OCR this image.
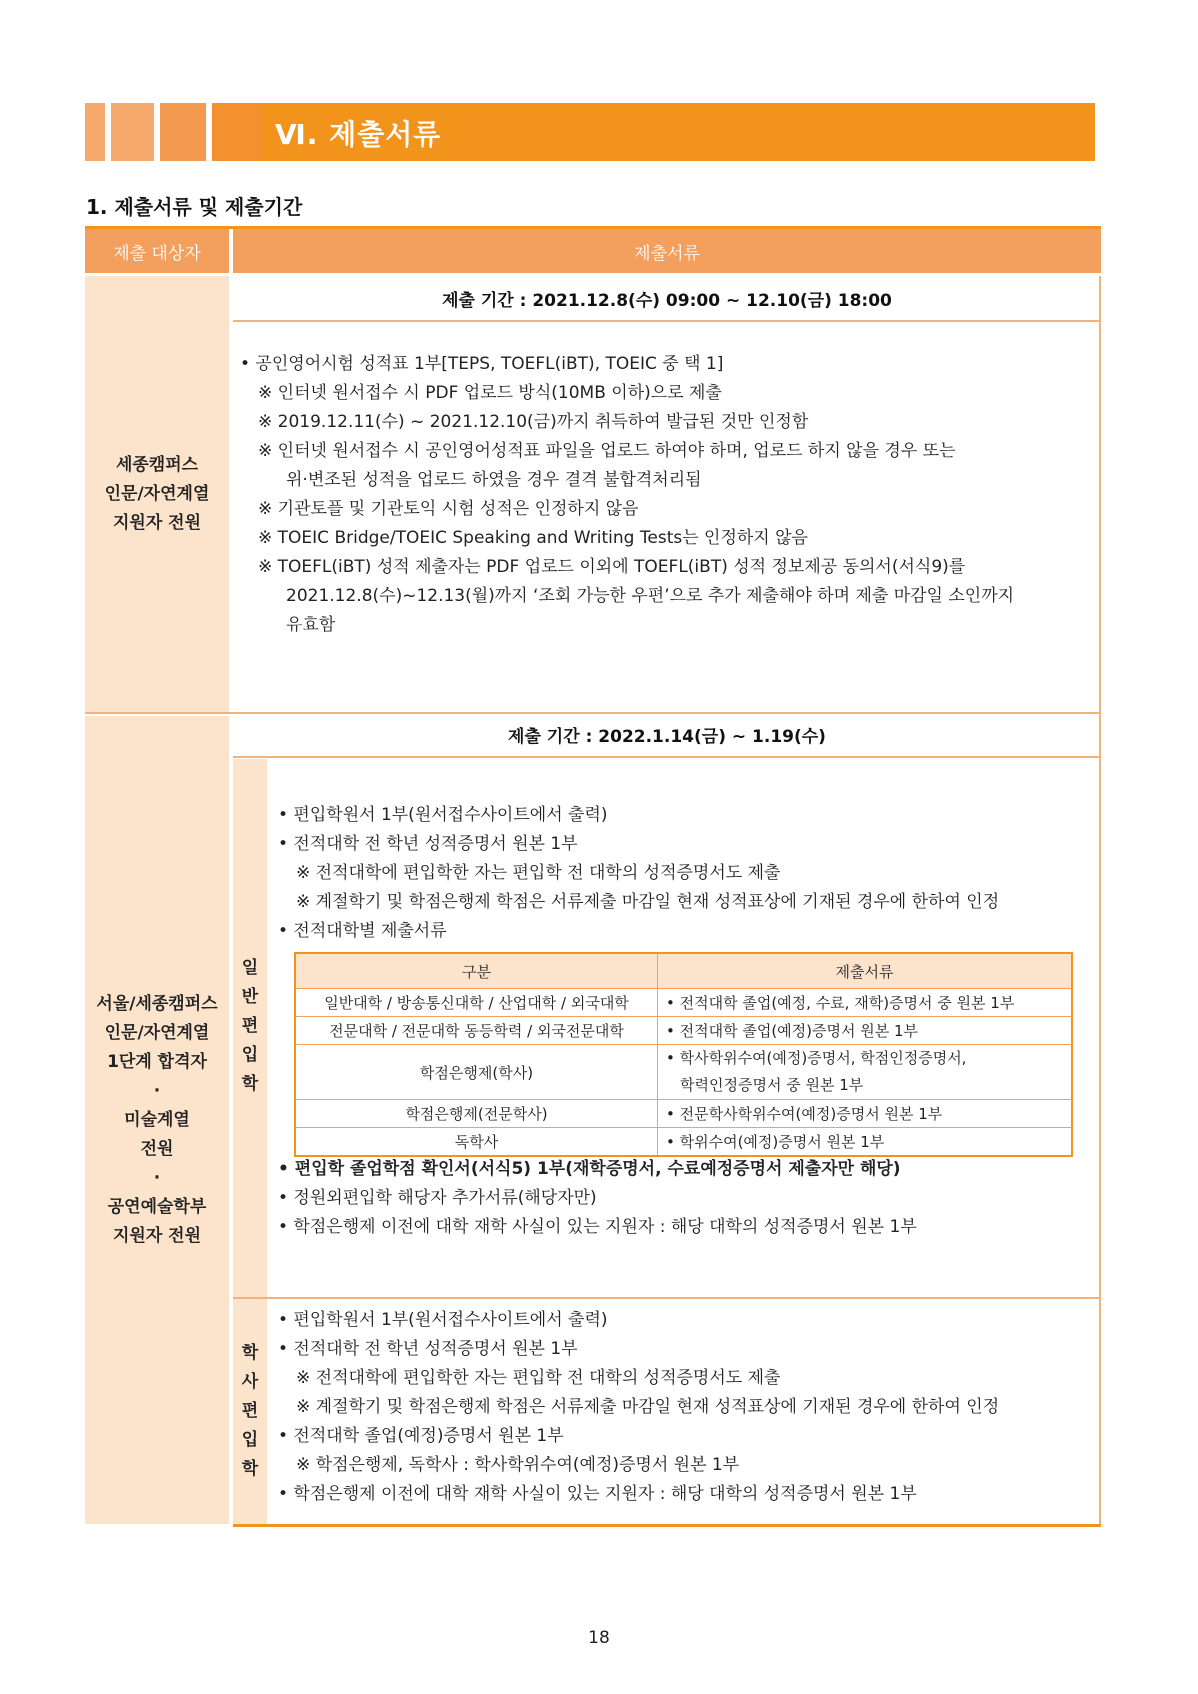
Ⅵ. 제출서류
1. 제출서류 및 제출기간
제출 대상자	제출서류
세종캠퍼스
인문/자연계열
지원자 전원
제출 기간 : 2021.12.8(수) 09:00 ~ 12.10(금) 18:00

• 공인영어시험 성적표 1부[TEPS, TOEFL(iBT), TOEIC 중 택 1]

※ 인터넷 원서접수 시 PDF 업로드 방식(10MB 이하)으로 제출

※ 2019.12.11(수) ~ 2021.12.10(금)까지 취득하여 발급된 것만 인정함

※ 인터넷 원서접수 시 공인영어성적표 파일을 업로드 하여야 하며, 업로드 하지 않을 경우 또는

위·변조된 성적을 업로드 하였을 경우 결격 불합격처리됨

※ 기관토플 및 기관토익 시험 성적은 인정하지 않음

※ TOEIC Bridge/TOEIC Speaking and Writing Tests는 인정하지 않음

※ TOEFL(iBT) 성적 제출자는 PDF 업로드 이외에 TOEFL(iBT) 성적 정보제공 동의서(서식9)를

2021.12.8(수)~12.13(월)까지 ‘조회 가능한 우편’으로 추가 제출해야 하며 제출 마감일 소인까지

유효함

서울/세종캠퍼스
인문/자연계열
1단계 합격자
·
미술계열
전원
·
공연예술학부
지원자 전원
제출 기간 : 2022.1.14(금) ~ 1.19(수)
일
반
편
입
학

• 편입학원서 1부(원서접수사이트에서 출력)

• 전적대학 전 학년 성적증명서 원본 1부

※ 전적대학에 편입학한 자는 편입학 전 대학의 성적증명서도 제출

※ 계절학기 및 학점은행제 학점은 서류제출 마감일 현재 성적표상에 기재된 경우에 한하여 인정

• 전적대학별 제출서류

구분	제출서류
일반대학 / 방송통신대학 / 산업대학 / 외국대학	• 전적대학 졸업(예정, 수료, 재학)증명서 중 원본 1부
전문대학 / 전문대학 동등학력 / 외국전문대학	• 전적대학 졸업(예정)증명서 원본 1부
학점은행제(학사)	• 학사학위수여(예정)증명서, 학점인정증명서,
학력인정증명서 중 원본 1부

학점은행제(전문학사)	• 전문학사학위수여(예정)증명서 원본 1부
독학사	• 학위수여(예정)증명서 원본 1부

• 편입학 졸업학점 확인서(서식5) 1부(재학증명서, 수료예정증명서 제출자만 해당)

• 정원외편입학 해당자 추가서류(해당자만)

• 학점은행제 이전에 대학 재학 사실이 있는 지원자 : 해당 대학의 성적증명서 원본 1부

학
사
편
입
학

• 편입학원서 1부(원서접수사이트에서 출력)

• 전적대학 전 학년 성적증명서 원본 1부

※ 전적대학에 편입학한 자는 편입학 전 대학의 성적증명서도 제출

※ 계절학기 및 학점은행제 학점은 서류제출 마감일 현재 성적표상에 기재된 경우에 한하여 인정

• 전적대학 졸업(예정)증명서 원본 1부

※ 학점은행제, 독학사 : 학사학위수여(예정)증명서 원본 1부

• 학점은행제 이전에 대학 재학 사실이 있는 지원자 : 해당 대학의 성적증명서 원본 1부

18
